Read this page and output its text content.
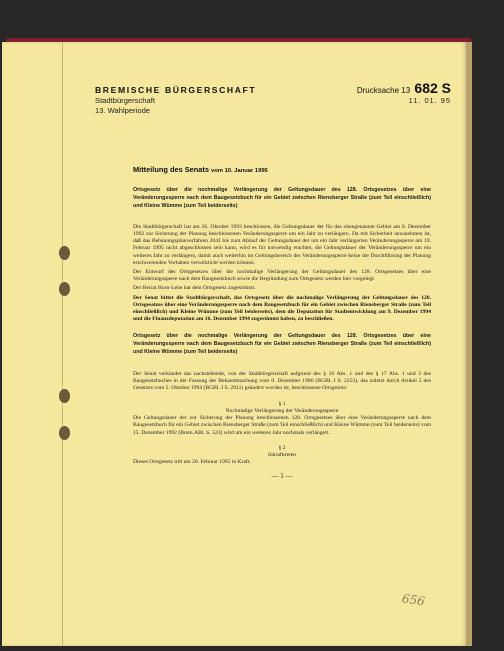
BREMISCHE BÜRGERSCHAFT	Drucksache 13 682 S
Stadtbürgerschaft	11. 01. 95
13. Wahlperiode
Mitteilung des Senats vom 10. Januar 1995
Ortsgesetz über die nochmalige Verlängerung der Geltungsdauer des 128. Ortsgesetzes über eine Veränderungssperre nach dem Baugesetzbuch für ein Gebiet zwischen Riensberger Straße (zum Teil einschließlich) und Kleine Wümme (zum Teil beiderseits)
Die Stadtbürgerschaft hat am 26. Oktober 1993 beschlossen, die Geltungsdauer der für das obengenannte Gebiet am 8. Dezember 1992 zur Sicherung der Planung beschlossenen Veränderungssperre um ein Jahr zu verlängern. Da mit Sicherheit anzunehmen ist, daß das Bebauungsplanverfahren 2041 bis zum Ablauf der Geltungsdauer der um ein Jahr verlängerten Veränderungssperre am 19. Februar 1995 nicht abgeschlossen sein kann, wird es für notwendig erachtet, die Geltungsdauer der Veränderungssperre um ein weiteres Jahr zu verlängern, damit auch weiterhin im Geltungsbereich der Veränderungssperre keine die Durchführung der Planung erschwerenden Vorhaben verwirklicht werden können.
Der Entwurf des Ortsgesetzes über die nochmalige Verlängerung der Geltungsdauer des 128. Ortsgesetzes über eine Veränderungssperre nach dem Baugesetzbuch sowie die Begründung zum Ortsgesetz werden hier vorgelegt.
Der Beirat Horn-Lehe hat dem Ortsgesetz zugestimmt.
Der Senat bittet die Stadtbürgerschaft, das Ortsgesetz über die nochmalige Verlängerung der Geltungsdauer des 128. Ortsgesetzes über eine Veränderungssperre nach dem Baugesetzbuch für ein Gebiet zwischen Riensberger Straße (zum Teil einschließlich) und Kleine Wümme (zum Teil beiderseits), dem die Deputation für Stadtentwicklung am 9. Dezember 1994 und die Finanzdeputation am 16. Dezember 1994 zugestimmt haben, zu beschließen.
Ortsgesetz über die nochmalige Verlängerung der Geltungsdauer des 128. Ortsgesetzes über eine Veränderungssperre nach dem Baugesetzbuch für ein Gebiet zwischen Riensberger Straße (zum Teil einschließlich) und Kleine Wümme (zum Teil beiderseits)
Der Senat verkündet das nachstehende, von der Stadtbürgerschaft aufgrund des § 16 Abs. 1 und des § 17 Abs. 1 und 3 des Baugesetzbuches in der Fassung der Bekanntmachung vom 8. Dezember 1986 (BGBl. I S. 2253), das zuletzt durch Artikel 5 des Gesetzes vom 5. Oktober 1994 (BGBl. I S. 2911) geändert worden ist, beschlossene Ortsgesetz:
§ 1
Nochmalige Verlängerung der Veränderungssperre
Die Geltungsdauer der zur Sicherung der Planung beschlossenen 128. Ortsgesetzes über eine Veränderungssperre nach dem Baugesetzbuch für ein Gebiet zwischen Riensberger Straße (zum Teil einschließlich) und Kleine Wümme (zum Teil beiderseits) vom 15. Dezember 1992 (Brem.ABl. S. 523) wird um ein weiteres Jahr nochmals verlängert.
§ 2
Inkrafttreten
Dieses Ortsgesetz tritt am 20. Februar 1995 in Kraft.
— 1 —
656
